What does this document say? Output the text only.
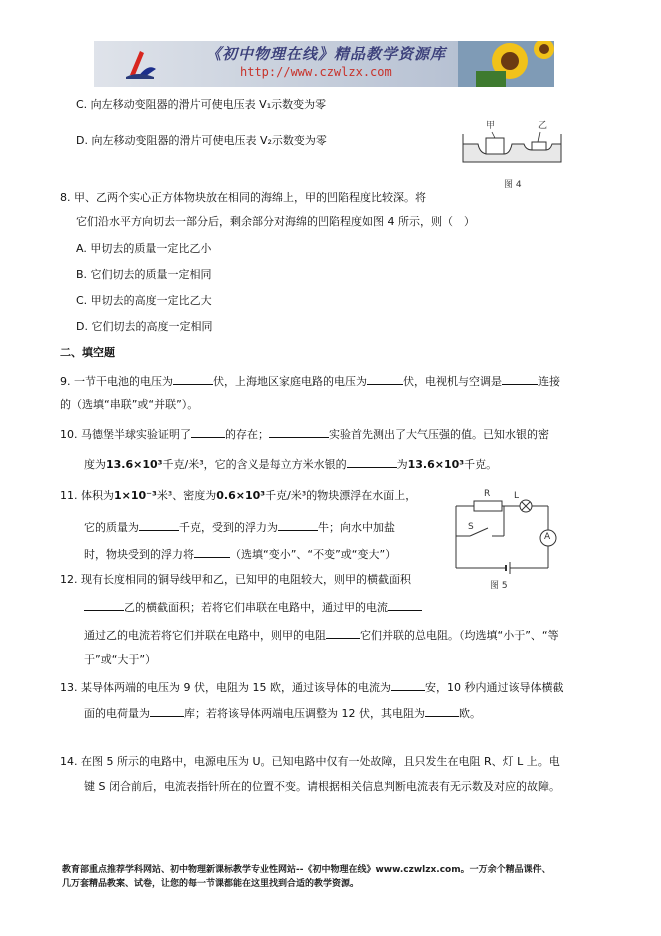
《初中物理在线》精品教学资源库
http://www.czwlzx.com
C. 向左移动变阻器的滑片可使电压表 V₁示数变为零
D. 向左移动变阻器的滑片可使电压表 V₂示数变为零
甲	乙
图 4
8. 甲、乙两个实心正方体物块放在相同的海绵上，甲的凹陷程度比较深。将
它们沿水平方向切去一部分后，剩余部分对海绵的凹陷程度如图 4 所示，则（　）
A. 甲切去的质量一定比乙小
B. 它们切去的质量一定相同
C. 甲切去的高度一定比乙大
D. 它们切去的高度一定相同
二、填空题
9. 一节干电池的电压为	伏，上海地区家庭电路的电压为	伏，电视机与空调是	连接
的（选填“串联”或“并联”）。
10. 马德堡半球实验证明了	的存在；	实验首先测出了大气压强的值。已知水银的密
度为13.6×10³千克/米³，它的含义是每立方米水银的	为13.6×10³千克。
11. 体积为1×10⁻³米³、密度为0.6×10³千克/米³的物块漂浮在水面上，
它的质量为	千克，受到的浮力为	牛；向水中加盐
时，物块受到的浮力将	（选填“变小”、“不变”或“变大”）
R	L
S
A
图 5
12. 现有长度相同的铜导线甲和乙，已知甲的电阻较大，则甲的横截面积
乙的横截面积；若将它们串联在电路中，通过甲的电流
通过乙的电流若将它们并联在电路中，则甲的电阻	它们并联的总电阻。（均选填“小于”、“等
于”或“大于”）
13. 某导体两端的电压为 9 伏，电阻为 15 欧，通过该导体的电流为	安，10 秒内通过该导体横截
面的电荷量为	库；若将该导体两端电压调整为 12 伏，其电阻为	欧。
14. 在图 5 所示的电路中，电源电压为 U。已知电路中仅有一处故障，且只发生在电阻 R、灯 L 上。电
键 S 闭合前后，电流表指针所在的位置不变。请根据相关信息判断电流表有无示数及对应的故障。
教育部重点推荐学科网站、初中物理新课标教学专业性网站--《初中物理在线》www.czwlzx.com。一万余个精品课件、
几万套精品教案、试卷，让您的每一节课都能在这里找到合适的教学资源。
